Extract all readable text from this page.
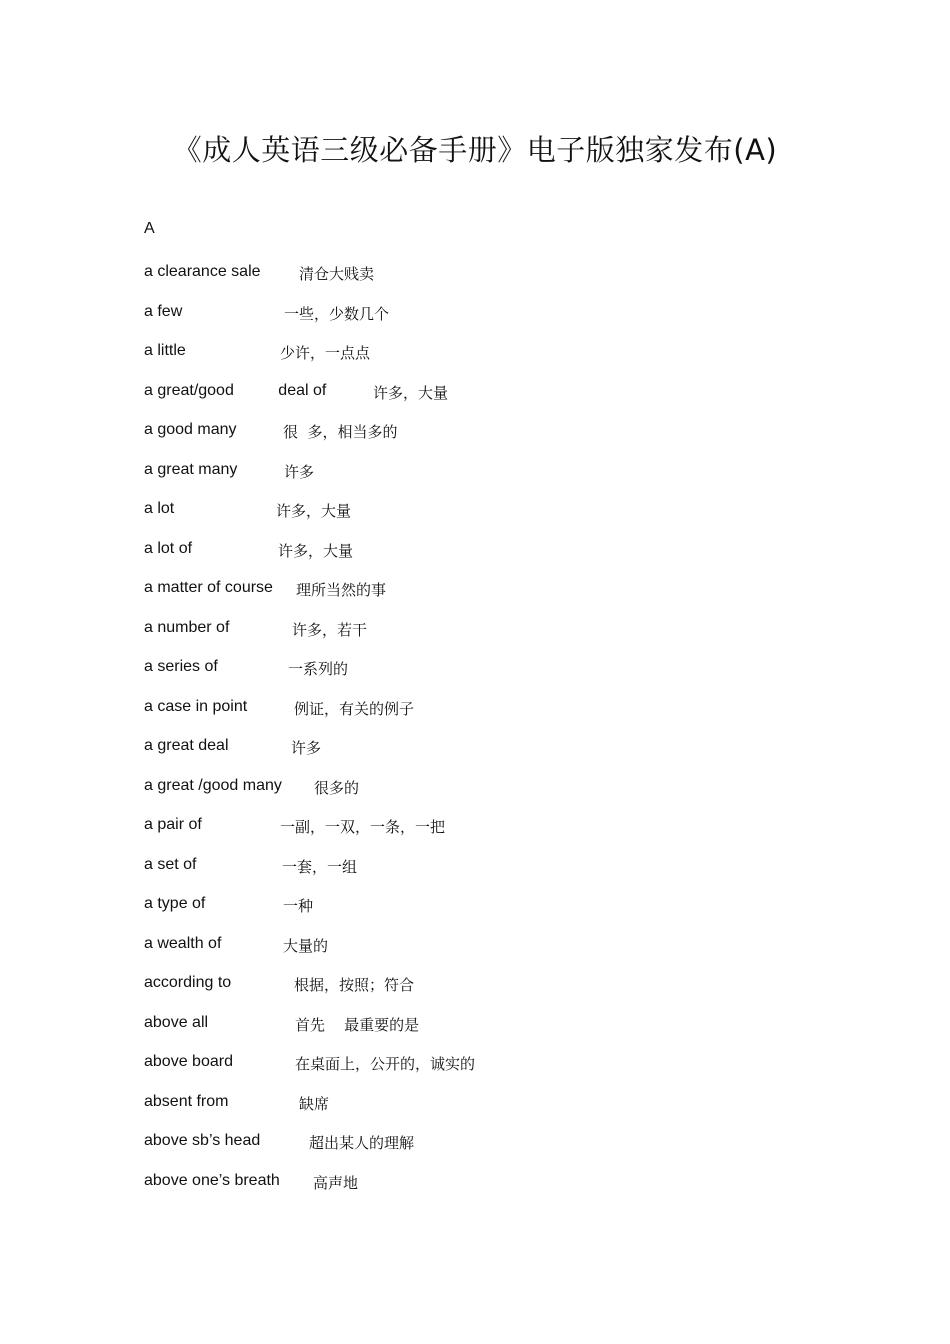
《成人英语三级必备手册》电子版独家发布(A)
A
a clearance sale	清仓大贱卖
a few	一些，少数几个
a little	少许，一点点
a great/good          deal of	许多，大量
a good many	很  多，相当多的
a great many	许多
a lot	许多，大量
a lot of	许多，大量
a matter of course 理所当然的事
a number of	许多，若干
a series of	一系列的
a case in point	例证，有关的例子
a great deal	许多
a great /good many 很多的
a pair of	一副，一双，一条，一把
a set of	一套，一组
a type of	一种
a wealth of	大量的
according to	根据，按照；符合
above all	首先    最重要的是
above board	在桌面上，公开的，诚实的
absent from	缺席
above sb’s head	超出某人的理解
above one’s breath 高声地
